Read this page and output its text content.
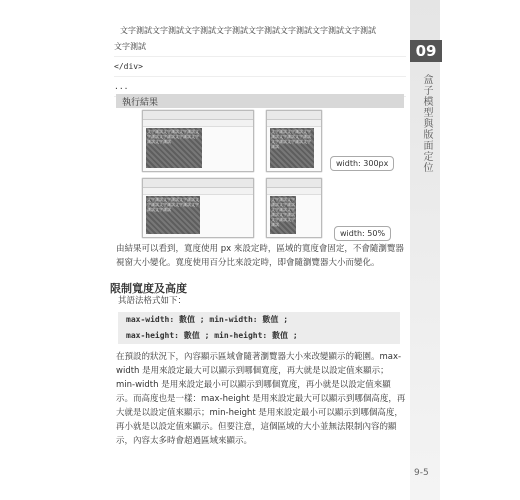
09
盒子模型與版面定位
文字測試文字測試文字測試文字測試文字測試文字測試文字測試文字測試
文字測試
</div>
...
執行結果
文字測試文字測試文字測試文字測試文字測試文字測試文字測試文字測試
文字測試文字測試文字測試文字測試文字測試文字測試文字測試文字測試
width: 300px
文字測試文字測試文字測試文字測試文字測試文字測試文字測試文字測試
文字測試文字測試文字測試文字測試文字測試文字測試文字測試文字測試
width: 50%
由結果可以看到，寬度使用 px 來設定時，區域的寬度會固定，不會隨瀏覽器視窗大小變化。寬度使用百分比來設定時，即會隨瀏覽器大小而變化。
限制寬度及高度
其語法格式如下：
max-width: 數值 ; min-width: 數值 ;
max-height: 數值 ; min-height: 數值 ;
在預設的狀況下，內容顯示區域會隨著瀏覽器大小來改變顯示的範圍。max-width 是用來設定最大可以顯示到哪個寬度，再大就是以設定值來顯示；min-width 是用來設定最小可以顯示到哪個寬度，再小就是以設定值來顯示。而高度也是一樣：max-height 是用來設定最大可以顯示到哪個高度，再大就是以設定值來顯示；min-height 是用來設定最小可以顯示到哪個高度，再小就是以設定值來顯示。但要注意，這個區域的大小並無法限制內容的顯示，內容太多時會超過區域來顯示。
9-5
